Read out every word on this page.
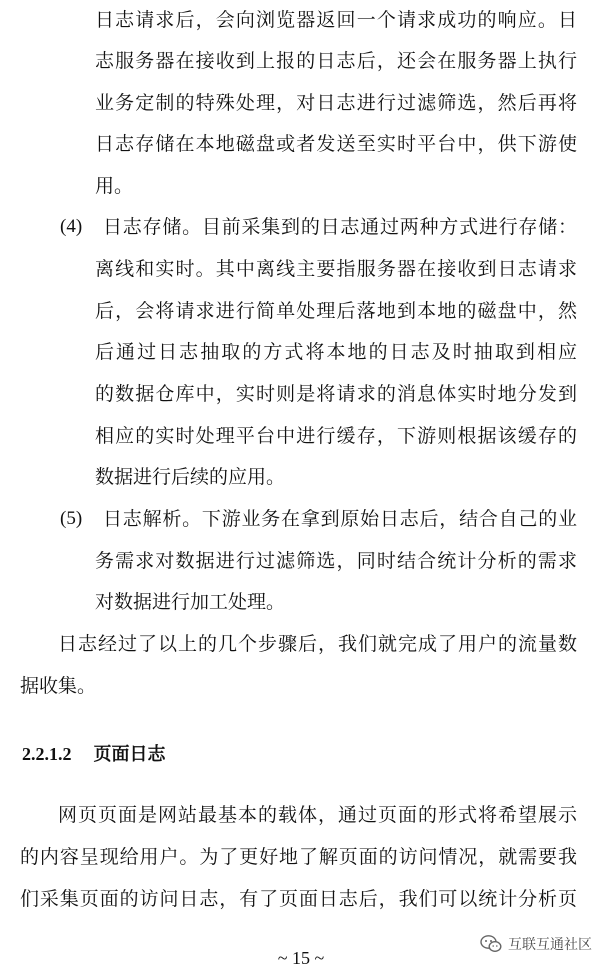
日志请求后，会向浏览器返回一个请求成功的响应。日
志服务器在接收到上报的日志后，还会在服务器上执行
业务定制的特殊处理，对日志进行过滤筛选，然后再将
日志存储在本地磁盘或者发送至实时平台中，供下游使
用。
(4) 日志存储。目前采集到的日志通过两种方式进行存储：
离线和实时。其中离线主要指服务器在接收到日志请求
后，会将请求进行简单处理后落地到本地的磁盘中，然
后通过日志抽取的方式将本地的日志及时抽取到相应
的数据仓库中，实时则是将请求的消息体实时地分发到
相应的实时处理平台中进行缓存，下游则根据该缓存的
数据进行后续的应用。
(5) 日志解析。下游业务在拿到原始日志后，结合自己的业
务需求对数据进行过滤筛选，同时结合统计分析的需求
对数据进行加工处理。
日志经过了以上的几个步骤后，我们就完成了用户的流量数
据收集。
2.2.1.2 页面日志
网页页面是网站最基本的载体，通过页面的形式将希望展示
的内容呈现给用户。为了更好地了解页面的访问情况，就需要我
们采集页面的访问日志，有了页面日志后，我们可以统计分析页
互联互通社区
~ 15 ~
